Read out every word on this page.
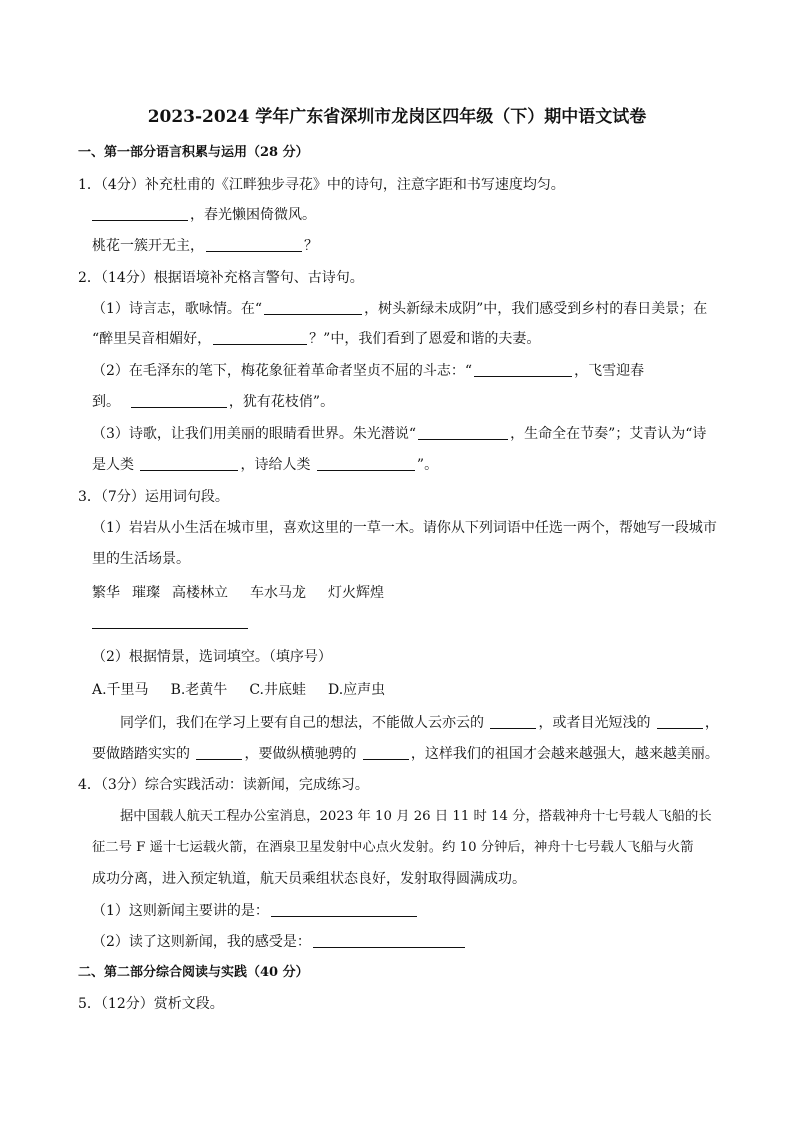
2023-2024 学年广东省深圳市龙岗区四年级（下）期中语文试卷
一、第一部分语言积累与运用（28 分）
1．（4分）补充杜甫的《江畔独步寻花》中的诗句，注意字距和书写速度均匀。
，春光懒困倚微风。
桃花一簇开无主，	？
2．（14分）根据语境补充格言警句、古诗句。
（1）诗言志，歌咏情。在“	，树头新绿未成阴”中，我们感受到乡村的春日美景；在
“醉里吴音相媚好，	？”中，我们看到了恩爱和谐的夫妻。
（2）在毛泽东的笔下，梅花象征着革命者坚贞不屈的斗志：“	，飞雪迎春
到。	，犹有花枝俏”。
（3）诗歌，让我们用美丽的眼睛看世界。朱光潜说“	，生命全在节奏”；艾青认为“诗
是人类	，诗给人类	”。
3．（7分）运用词句段。
（1）岩岩从小生活在城市里，喜欢这里的一草一木。请你从下列词语中任选一两个，帮她写一段城市
里的生活场景。
繁华 璀璨 高楼林立 车水马龙 灯火辉煌
（2）根据情景，选词填空。（填序号）
A.千里马 B.老黄牛 C.井底蛙 D.应声虫
同学们，我们在学习上要有自己的想法，不能做人云亦云的	，或者目光短浅的	，
要做踏踏实实的	，要做纵横驰骋的	，这样我们的祖国才会越来越强大，越来越美丽。
4．（3分）综合实践活动：读新闻，完成练习。
据中国载人航天工程办公室消息，2023 年 10 月 26 日 11 时 14 分，搭载神舟十七号载人飞船的长
征二号 F 遥十七运载火箭，在酒泉卫星发射中心点火发射。约 10 分钟后，神舟十七号载人飞船与火箭
成功分离，进入预定轨道，航天员乘组状态良好，发射取得圆满成功。
（1）这则新闻主要讲的是：
（2）读了这则新闻，我的感受是：
二、第二部分综合阅读与实践（40 分）
5．（12分）赏析文段。
